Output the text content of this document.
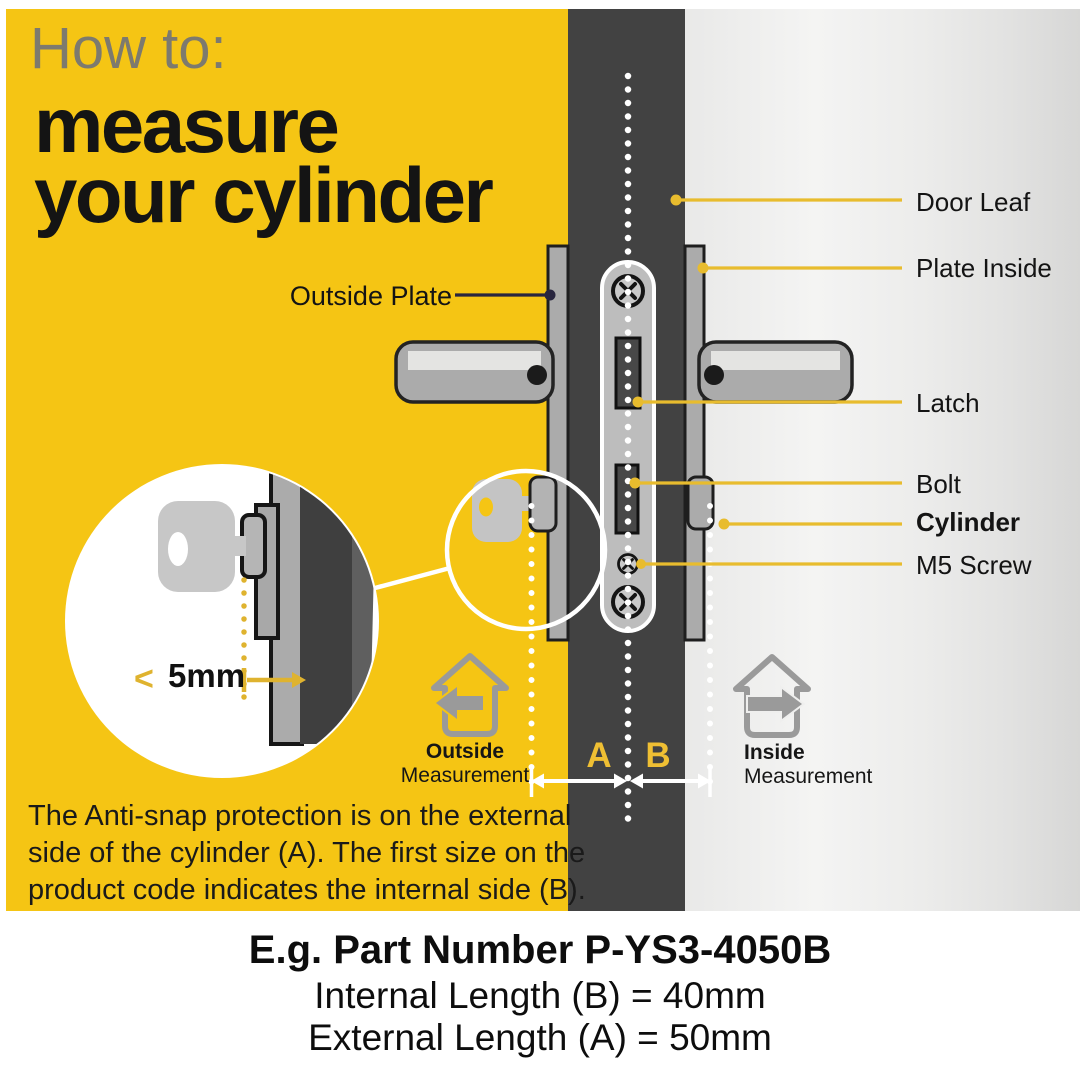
How to:
measure
your cylinder
Outside Plate
Door Leaf
Plate Inside
Latch
Bolt
Cylinder
M5 Screw
< 5mm
A B
Outside
Measurement
Inside
Measurement
The Anti-snap protection is on the external
side of the cylinder (A). The first size on the
product code indicates the internal side (B).
E.g. Part Number P-YS3-4050B
Internal Length (B) = 40mm
External Length (A) = 50mm
